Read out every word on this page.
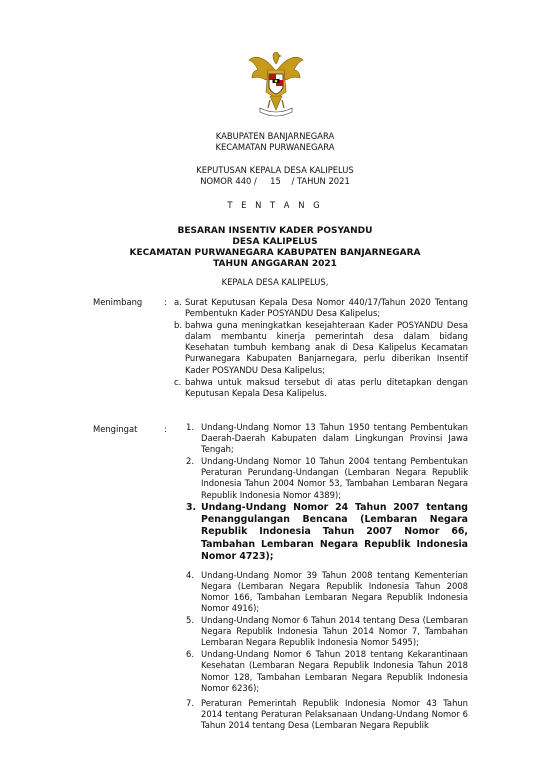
KABUPATEN BANJARNEGARA
KECAMATAN PURWANEGARA
KEPUTUSAN KEPALA DESA KALIPELUS
NOMOR 440 /     15    / TAHUN 2021
T E N T A N G
BESARAN INSENTIV KADER POSYANDU
DESA KALIPELUS
KECAMATAN PURWANEGARA KABUPATEN BANJARNEGARA
TAHUN ANGGARAN 2021
KEPALA DESA KALIPELUS,
Menimbang	: a. Surat Keputusan Kepala Desa Nomor 440/17/Tahun 2020 Tentang Pembentukn Kader POSYANDU Desa Kalipelus;
b. bahwa guna meningkatkan kesejahteraan Kader POSYANDU Desa dalam membantu kinerja pemerintah desa dalam bidang Kesehatan tumbuh kembang anak di Desa Kalipelus Kecamatan Purwanegara Kabupaten Banjarnegara, perlu diberikan Insentif Kader POSYANDU Desa Kalipelus;
c. bahwa untuk maksud tersebut di atas perlu ditetapkan dengan Keputusan Kepala Desa Kalipelus.
Mengingat	: 1. Undang-Undang Nomor 13 Tahun 1950 tentang Pembentukan Daerah-Daerah Kabupaten dalam Lingkungan Provinsi Jawa Tengah;
2. Undang-Undang Nomor 10 Tahun 2004 tentang Pembentukan Peraturan Perundang-Undangan (Lembaran Negara Republik Indonesia Tahun 2004 Nomor 53, Tambahan Lembaran Negara Republik Indonesia Nomor 4389);
3. Undang-Undang Nomor 24 Tahun 2007 tentang Penanggulangan Bencana (Lembaran Negara Republik Indonesia Tahun 2007 Nomor 66, Tambahan Lembaran Negara Republik Indonesia Nomor 4723);
4. Undang-Undang Nomor 39 Tahun 2008 tentang Kementerian Negara (Lembaran Negara Republik Indonesia Tahun 2008 Nomor 166, Tambahan Lembaran Negara Republik Indonesia Nomor 4916);
5. Undang-Undang Nomor 6 Tahun 2014 tentang Desa (Lembaran Negara Republik Indonesia Tahun 2014 Nomor 7, Tambahan Lembaran Negara Republik Indonesia Nomor 5495);
6. Undang-Undang Nomor 6 Tahun 2018 tentang Kekarantinaan Kesehatan (Lembaran Negara Republik Indonesia Tahun 2018 Nomor 128, Tambahan Lembaran Negara Republik Indonesia Nomor 6236);
7. Peraturan Pemerintah Republik Indonesia Nomor 43 Tahun 2014 tentang Peraturan Pelaksanaan Undang-Undang Nomor 6 Tahun 2014 tentang Desa (Lembaran Negara Republik
